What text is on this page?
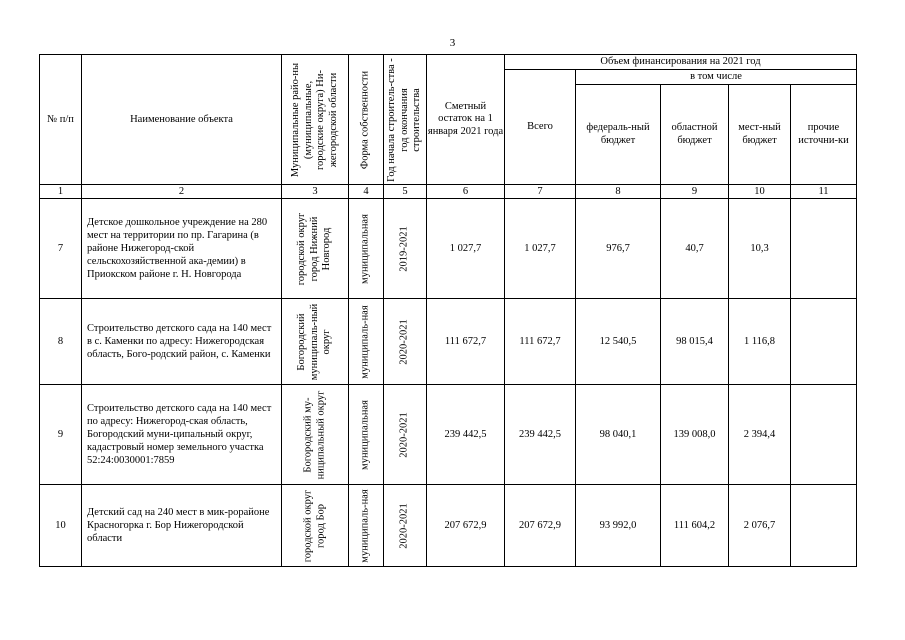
3
№ п/п	Наименование объекта	Муниципальные райо-ны (муниципальные, городские округа) Ни-жегородской области	Форма собственности	Год начала строитель-ства - год окончания строительства	Сметный остаток на 1 января 2021 года	Объем финансирования на 2021 год				
						Всего	в том числе			
							федераль-ный бюджет	областной бюджет	мест-ный бюджет	прочие источни-ки
1	2	3	4	5	6	7	8	9	10	11
7	Детское дошкольное учреждение на 280 мест на территории по пр. Гагарина (в районе Нижегород-ской сельскохозяйственной ака-демии) в Приокском районе г. Н. Новгорода	городской округ город Нижний Новгород	муниципальная	2019-2021	1 027,7	1 027,7	976,7	40,7	10,3	
8	Строительство детского сада на 140 мест в с. Каменки по адресу: Нижегородская область, Бого-родский район, с. Каменки	Богородский муниципаль-ный округ	муниципаль-ная	2020-2021	111 672,7	111 672,7	12 540,5	98 015,4	1 116,8	
9	Строительство детского сада на 140 мест по адресу: Нижегород-ская область, Богородский муни-ципальный округ, кадастровый номер земельного участка 52:24:0030001:7859	Богородский му-ниципальный округ	муниципальная	2020-2021	239 442,5	239 442,5	98 040,1	139 008,0	2 394,4	
10	Детский сад на 240 мест в мик-рорайоне Красногорка г. Бор Нижегородской области	городской округ город Бор	муниципаль-ная	2020-2021	207 672,9	207 672,9	93 992,0	111 604,2	2 076,7	
